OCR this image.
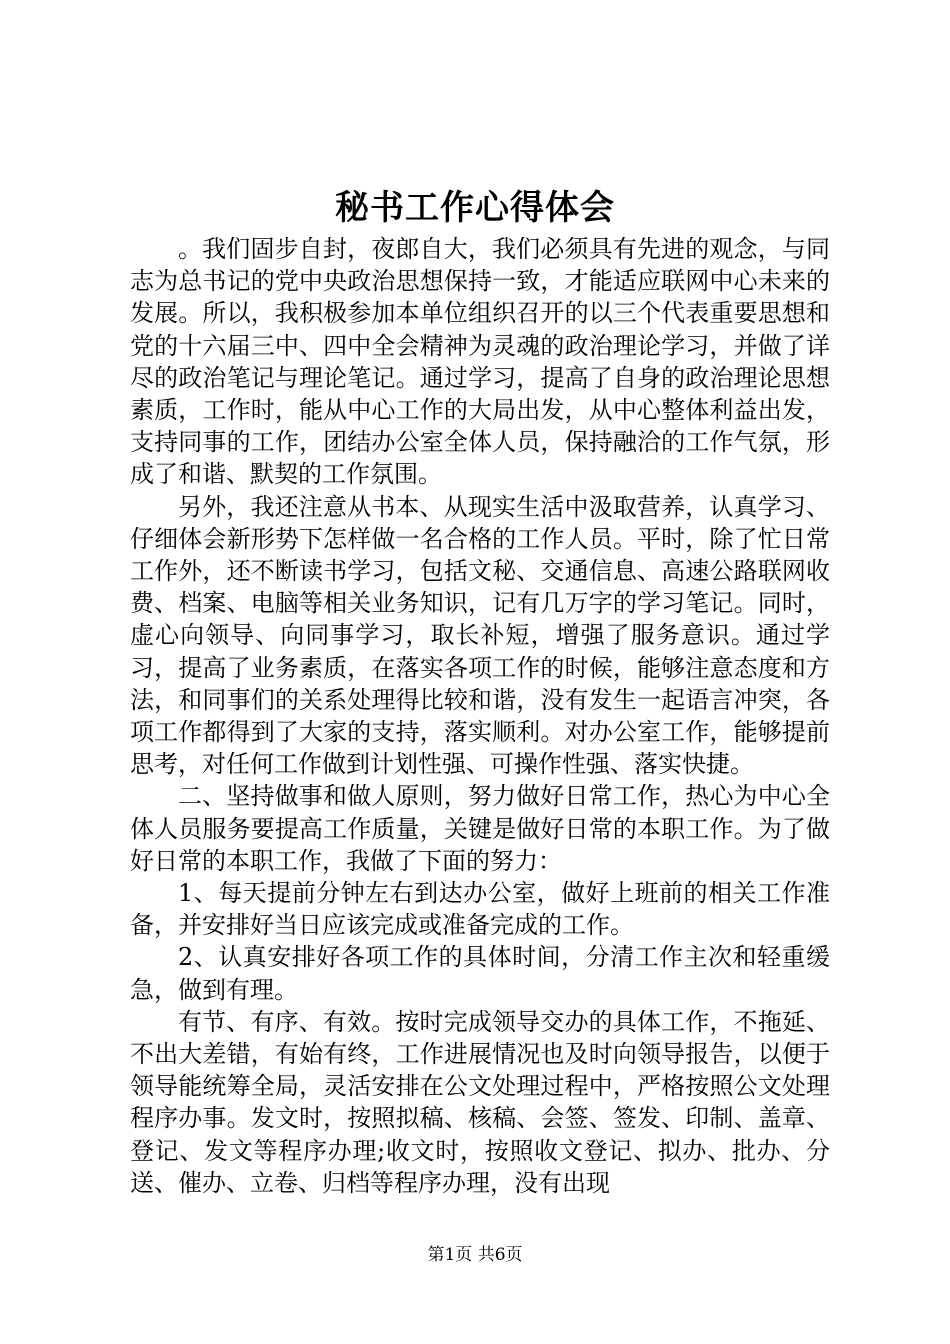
秘书工作心得体会

。我们固步自封，夜郎自大，我们必须具有先进的观念，与同志为总书记的党中央政治思想保持一致，才能适应联网中心未来的发展。所以，我积极参加本单位组织召开的以三个代表重要思想和党的十六届三中、四中全会精神为灵魂的政治理论学习，并做了详尽的政治笔记与理论笔记。通过学习，提高了自身的政治理论思想素质，工作时，能从中心工作的大局出发，从中心整体利益出发，支持同事的工作，团结办公室全体人员，保持融洽的工作气氛，形成了和谐、默契的工作氛围。

另外，我还注意从书本、从现实生活中汲取营养，认真学习、仔细体会新形势下怎样做一名合格的工作人员。平时，除了忙日常工作外，还不断读书学习，包括文秘、交通信息、高速公路联网收费、档案、电脑等相关业务知识，记有几万字的学习笔记。同时，虚心向领导、向同事学习，取长补短，增强了服务意识。通过学习，提高了业务素质，在落实各项工作的时候，能够注意态度和方法，和同事们的关系处理得比较和谐，没有发生一起语言冲突，各项工作都得到了大家的支持，落实顺利。对办公室工作，能够提前思考，对任何工作做到计划性强、可操作性强、落实快捷。

二、坚持做事和做人原则，努力做好日常工作，热心为中心全体人员服务要提高工作质量，关键是做好日常的本职工作。为了做好日常的本职工作，我做了下面的努力：

1、每天提前分钟左右到达办公室，做好上班前的相关工作准备，并安排好当日应该完成或准备完成的工作。

2、认真安排好各项工作的具体时间，分清工作主次和轻重缓急，做到有理。

有节、有序、有效。按时完成领导交办的具体工作，不拖延、不出大差错，有始有终，工作进展情况也及时向领导报告，以便于领导能统筹全局，灵活安排在公文处理过程中，严格按照公文处理程序办事。发文时，按照拟稿、核稿、会签、签发、印制、盖章、登记、发文等程序办理;收文时，按照收文登记、拟办、批办、分送、催办、立卷、归档等程序办理，没有出现

第1页 共6页
